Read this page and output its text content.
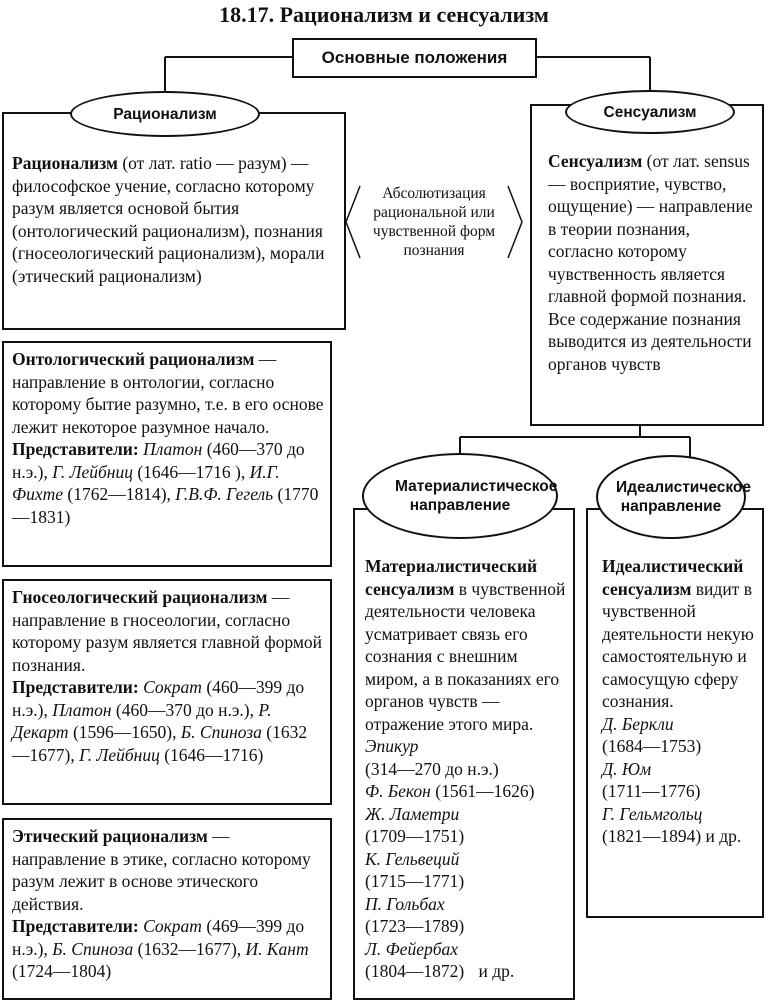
18.17. Рационализм и сенсуализм
Основные положения

Рационализм (от лат. ratio — разум) — философское учение, согласно которому разум является основой бытия (онтологический рационализм), познания (гносеологический рационализм), морали (этический рационализм)

Рационализм

Сенсуализм (от лат. sensus — восприятие, чувство, ощущение) — направление в теории познания, согласно которому чувственность является главной формой познания. Все содержание познания выводится из деятельности органов чувств

Сенсуализм
Абсолютизация рациональной или чувственной форм познания

Онтологический рационализм — направление в онтологии, согласно которому бытие разумно, т.е. в его основе лежит некоторое разумное начало.

Представители: Платон (460—370 до н.э.), Г. Лейбниц (1646—1716 ), И.Г. Фихте (1762—1814), Г.В.Ф. Гегель (1770—1831)

Гносеологический рационализм — направление в гносеологии, согласно которому разум является главной формой познания.

Представители: Сократ (460—399 до н.э.), Платон (460—370 до н.э.), Р. Декарт (1596—1650), Б. Спиноза (1632—1677), Г. Лейбниц (1646—1716)

Этический рационализм — направление в этике, согласно которому разум лежит в основе этического действия.

Представители: Сократ (469—399 до н.э.), Б. Спиноза (1632—1677), И. Кант (1724—1804)

Материалистический сенсуализм в чувственной деятельности человека усматривает связь его сознания с внешним миром, а в показаниях его органов чувств — отражение этого мира.

Эпикур
(314—270 до н.э.)
Ф. Бекон (1561—1626)
Ж. Ламетри
(1709—1751)
К. Гельвеций
(1715—1771)
П. Гольбах
(1723—1789)
Л. Фейербах
(1804—1872) и др.

Материалистическое направление

Идеалистический сенсуализм видит в чувственной деятельности некую самостоятельную и самосущую сферу сознания.

Д. Беркли
(1684—1753)
Д. Юм
(1711—1776)
Г. Гельмгольц
(1821—1894) и др.

Идеалистическое направление
